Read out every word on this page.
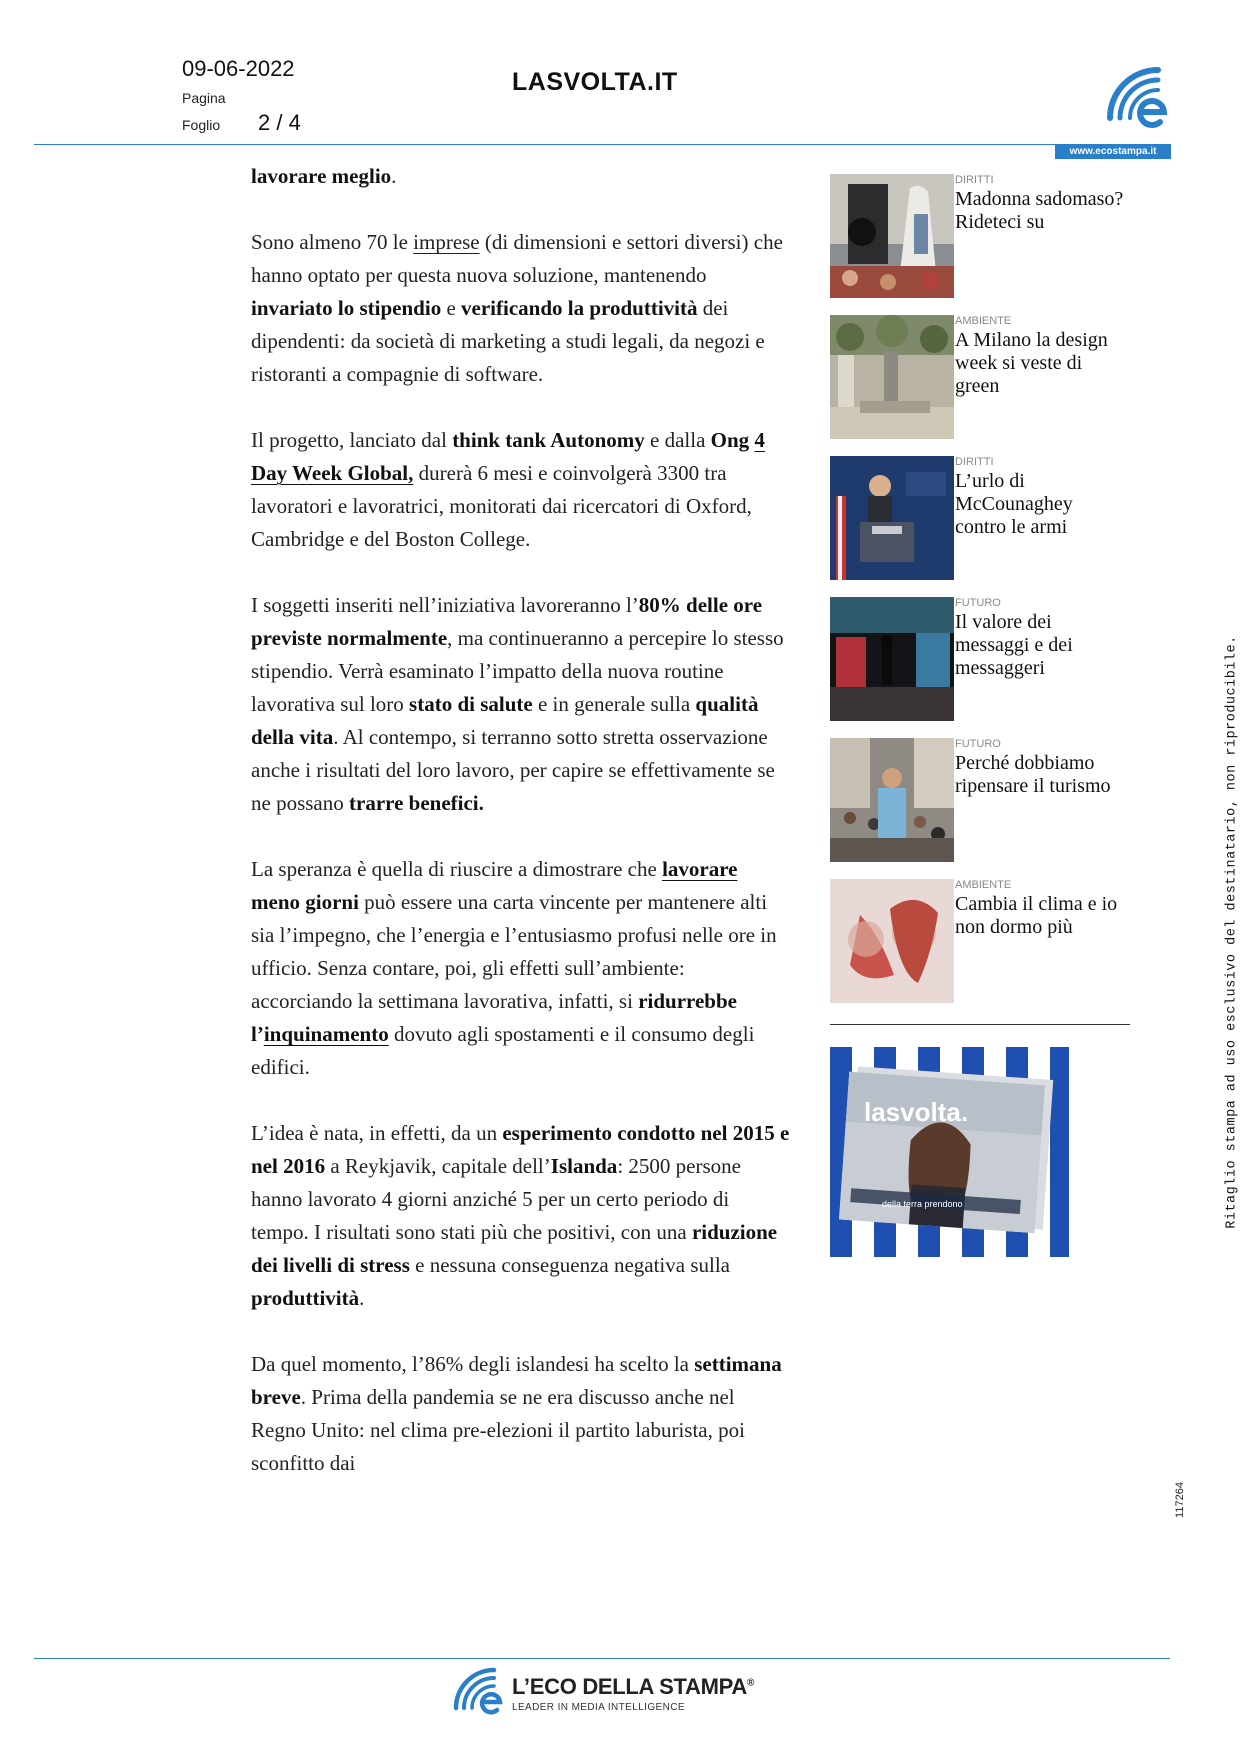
09-06-2022
Pagina
Foglio 2 / 4
LASVOLTA.IT
www.ecostampa.it

lavorare meglio.

Sono almeno 70 le imprese (di dimensioni e settori diversi) che hanno optato per questa nuova soluzione, mantenendo invariato lo stipendio e verificando la produttività dei dipendenti: da società di marketing a studi legali, da negozi e ristoranti a compagnie di software.

Il progetto, lanciato dal think tank Autonomy e dalla Ong 4 Day Week Global, durerà 6 mesi e coinvolgerà 3300 tra lavoratori e lavoratrici, monitorati dai ricercatori di Oxford, Cambridge e del Boston College.

I soggetti inseriti nell’iniziativa lavoreranno l’80% delle ore previste normalmente, ma continueranno a percepire lo stesso stipendio. Verrà esaminato l’impatto della nuova routine lavorativa sul loro stato di salute e in generale sulla qualità della vita. Al contempo, si terranno sotto stretta osservazione anche i risultati del loro lavoro, per capire se effettivamente se ne possano trarre benefici.

La speranza è quella di riuscire a dimostrare che lavorare meno giorni può essere una carta vincente per mantenere alti sia l’impegno, che l’energia e l’entusiasmo profusi nelle ore in ufficio. Senza contare, poi, gli effetti sull’ambiente: accorciando la settimana lavorativa, infatti, si ridurrebbe l’inquinamento dovuto agli spostamenti e il consumo degli edifici.

L’idea è nata, in effetti, da un esperimento condotto nel 2015 e nel 2016 a Reykjavik, capitale dell’Islanda: 2500 persone hanno lavorato 4 giorni anziché 5 per un certo periodo di tempo. I risultati sono stati più che positivi, con una riduzione dei livelli di stress e nessuna conseguenza negativa sulla produttività.

Da quel momento, l’86% degli islandesi ha scelto la settimana breve. Prima della pandemia se ne era discusso anche nel Regno Unito: nel clima pre-elezioni il partito laburista, poi sconfitto dai

DIRITTI
Madonna sadomaso? Rideteci su
AMBIENTE
A Milano la design week si veste di green
DIRITTI
L’urlo di McCounaghey contro le armi
FUTURO
Il valore dei messaggi e dei messaggeri
FUTURO
Perché dobbiamo ripensare il turismo
AMBIENTE
Cambia il clima e io non dormo più
lasvolta.
della terra prendono	Ritaglio stampa ad uso esclusivo del destinatario, non riproducibile.
117264
L’ECO DELLA STAMPA®
LEADER IN MEDIA INTELLIGENCE
